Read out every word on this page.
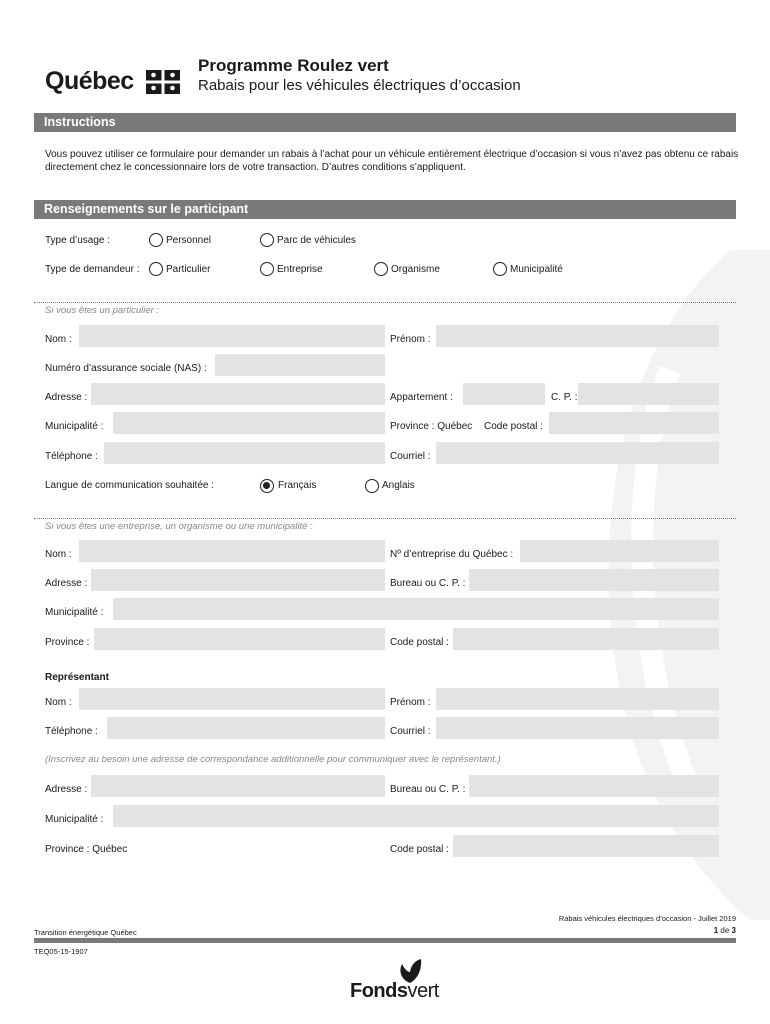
Québec
Programme Roulez vert
Rabais pour les véhicules électriques d’occasion
Instructions
Vous pouvez utiliser ce formulaire pour demander un rabais à l’achat pour un véhicule entièrement électrique d’occasion si vous n’avez pas obtenu ce rabais directement chez le concessionnaire lors de votre transaction. D’autres conditions s’appliquent.
Renseignements sur le participant
Type d’usage :	Personnel	Parc de véhicules
Type de demandeur :	Particulier	Entreprise	Organisme	Municipalité
Si vous êtes un particulier :
Nom :	Prénom :
Numéro d’assurance sociale (NAS) :
Adresse :	Appartement :	C. P. :
Municipalité :	Province : Québec Code postal :
Téléphone :	Courriel :
Langue de communication souhaitée :	Français	Anglais
Si vous êtes une entreprise, un organisme ou une municipalité :
Nom :	Nº d’entreprise du Québec :
Adresse :	Bureau ou C. P. :
Municipalité :
Province :	Code postal :
Représentant
Nom :	Prénom :
Téléphone :	Courriel :
(Inscrivez au besoin une adresse de correspondance additionnelle pour communiquer avec le représentant.)
Adresse :	Bureau ou C. P. :
Municipalité :
Province : Québec	Code postal :
Rabais véhicules électriques d’occasion - Juillet 2019
Transition énergétique Québec	1 de 3
TEQ05-15-1907
Fondsvert
